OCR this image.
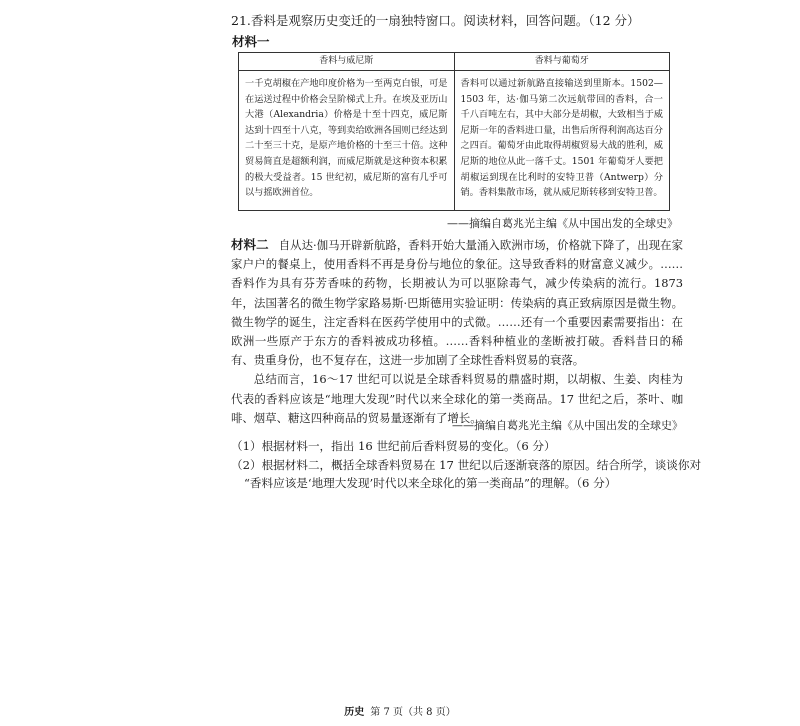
21.香料是观察历史变迁的一扇独特窗口。阅读材料，回答问题。（12 分）
材料一
香料与威尼斯	香料与葡萄牙
一千克胡椒在产地印度价格为一至两克白银，可是在运送过程中价格会呈阶梯式上升。在埃及亚历山大港（Alexandria）价格是十至十四克，威尼斯达到十四至十八克，等到卖给欧洲各国则已经达到二十至三十克，是原产地价格的十至三十倍。这种贸易简直是超额利润，而威尼斯就是这种资本积累的极大受益者。15 世纪初，威尼斯的富有几乎可以与摇欧洲首位。	香料可以通过新航路直接输送到里斯本。1502—1503 年，达·伽马第二次远航带回的香料，合一千八百吨左右，其中大部分是胡椒，大致相当于威尼斯一年的香料进口量，出售后所得利润高达百分之四百。葡萄牙由此取得胡椒贸易大战的胜利，威尼斯的地位从此一落千丈。1501 年葡萄牙人要把胡椒运到现在比利时的安特卫普（Antwerp）分销。香料集散市场，就从威尼斯转移到安特卫普。
——摘编自葛兆光主编《从中国出发的全球史》

材料二 自从达·伽马开辟新航路，香料开始大量涌入欧洲市场，价格就下降了，出现在家家户户的餐桌上，使用香料不再是身份与地位的象征。这导致香料的财富意义减少。……香料作为具有芬芳香味的药物，长期被认为可以驱除毒气，减少传染病的流行。1873 年，法国著名的微生物学家路易斯·巴斯德用实验证明：传染病的真正致病原因是微生物。微生物学的诞生，注定香料在医药学使用中的式微。……还有一个重要因素需要指出：在欧洲一些原产于东方的香料被成功移植。……香料种植业的垄断被打破。香料昔日的稀有、贵重身份，也不复存在，这进一步加剧了全球性香料贸易的衰落。

总结而言，16～17 世纪可以说是全球香料贸易的鼎盛时期，以胡椒、生姜、肉桂为代表的香料应该是“地理大发现”时代以来全球化的第一类商品。17 世纪之后，茶叶、咖啡、烟草、糖这四种商品的贸易量逐渐有了增长。

——摘编自葛兆光主编《从中国出发的全球史》
（1）根据材料一，指出 16 世纪前后香料贸易的变化。（6 分）
（2）根据材料二，概括全球香料贸易在 17 世纪以后逐渐衰落的原因。结合所学，谈谈你对
“香料应该是‘地理大发现’时代以来全球化的第一类商品”的理解。（6 分）
历史 第 7 页（共 8 页）
